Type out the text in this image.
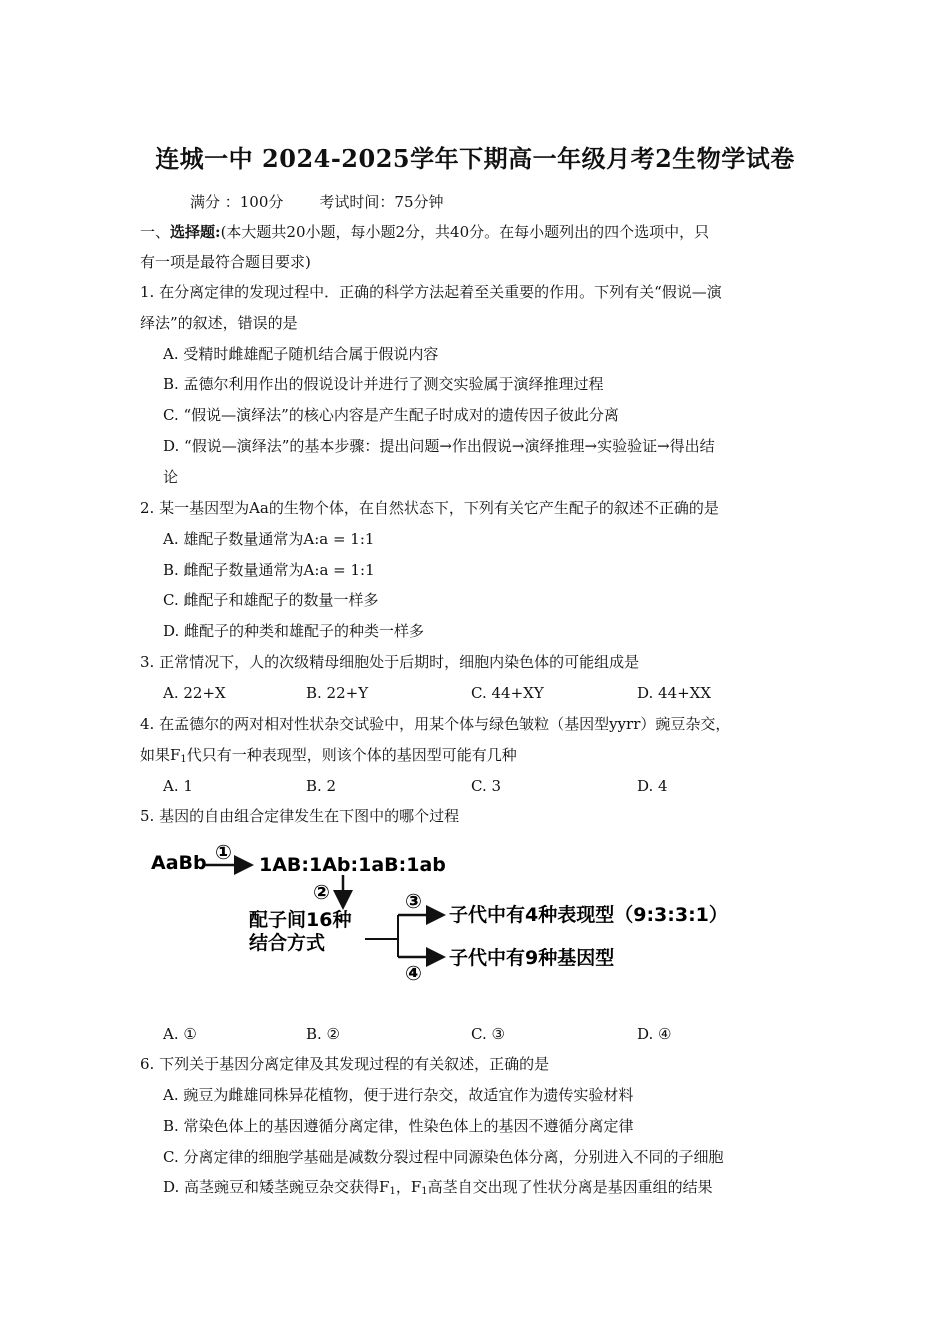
连城一中 2024-2025学年下期高一年级月考2生物学试卷
满分 ：100分 考试时间：75分钟
一、选择题:(本大题共20小题，每小题2分，共40分。在每小题列出的四个选项中，只
有一项是最符合题目要求)
1. 在分离定律的发现过程中．正确的科学方法起着至关重要的作用。下列有关“假说—演
绎法”的叙述，错误的是
A. 受精时雌雄配子随机结合属于假说内容
B. 孟德尔利用作出的假说设计并进行了测交实验属于演绎推理过程
C. “假说—演绎法”的核心内容是产生配子时成对的遗传因子彼此分离
D. “假说—演绎法”的基本步骤：提出问题→作出假说→演绎推理→实验验证→得出结
论
2. 某一基因型为Aa的生物个体，在自然状态下，下列有关它产生配子的叙述不正确的是
A. 雄配子数量通常为A:a = 1:1
B. 雌配子数量通常为A:a = 1:1
C. 雌配子和雄配子的数量一样多
D. 雌配子的种类和雄配子的种类一样多
3. 正常情况下，人的次级精母细胞处于后期时，细胞内染色体的可能组成是
A. 22+X	B. 22+Y	C. 44+XY	D. 44+XX
4. 在孟德尔的两对相对性状杂交试验中，用某个体与绿色皱粒（基因型yyrr）豌豆杂交，
如果$F_1$代只有一种表现型，则该个体的基因型可能有几种
A. 1	B. 2	C. 3	D. 4
5. 基因的自由组合定律发生在下图中的哪个过程
AaBb ①
1AB:1Ab:1aB:1ab
②
配子间16种
结合方式
③
④
子代中有4种表现型（9:3:3:1）
子代中有9种基因型
A. ①	B. ②	C. ③	D. ④
6. 下列关于基因分离定律及其发现过程的有关叙述，正确的是
A. 豌豆为雌雄同株异花植物，便于进行杂交，故适宜作为遗传实验材料
B. 常染色体上的基因遵循分离定律，性染色体上的基因不遵循分离定律
C. 分离定律的细胞学基础是减数分裂过程中同源染色体分离，分别进入不同的子细胞
D. 高茎豌豆和矮茎豌豆杂交获得$F_1$，$F_1$高茎自交出现了性状分离是基因重组的结果
